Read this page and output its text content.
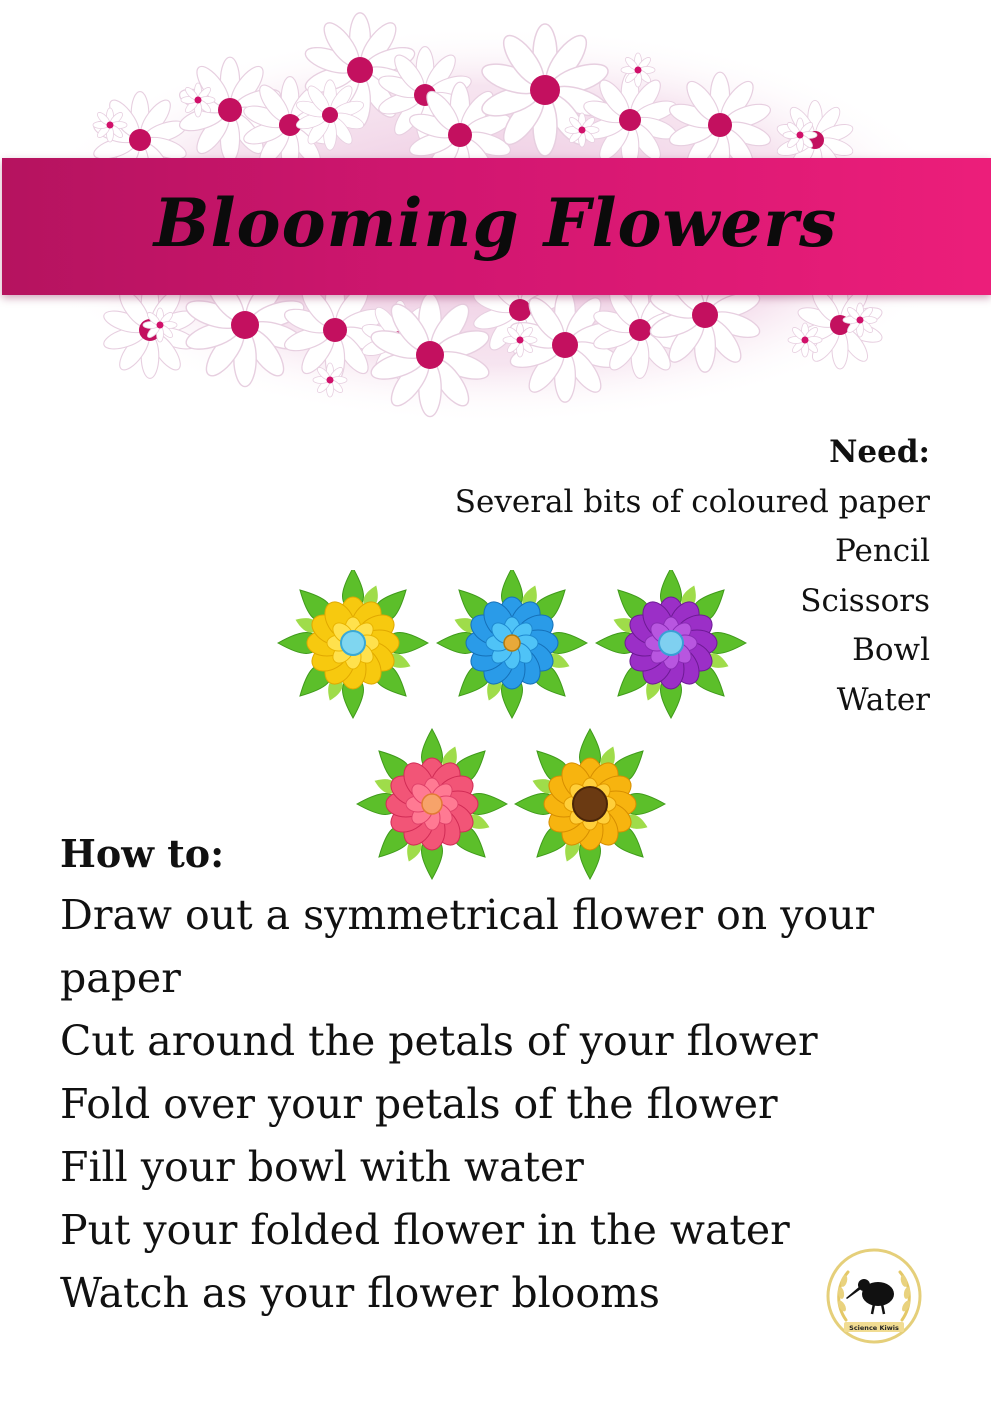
Blooming Flowers
Need:
Several bits of coloured paper
Pencil
Scissors
Bowl
Water
How to:
Draw out a symmetrical flower on your paper
Cut around the petals of your flower
Fold over your petals of the flower
Fill your bowl with water
Put your folded flower in the water
Watch as your flower blooms
Science Kiwis
